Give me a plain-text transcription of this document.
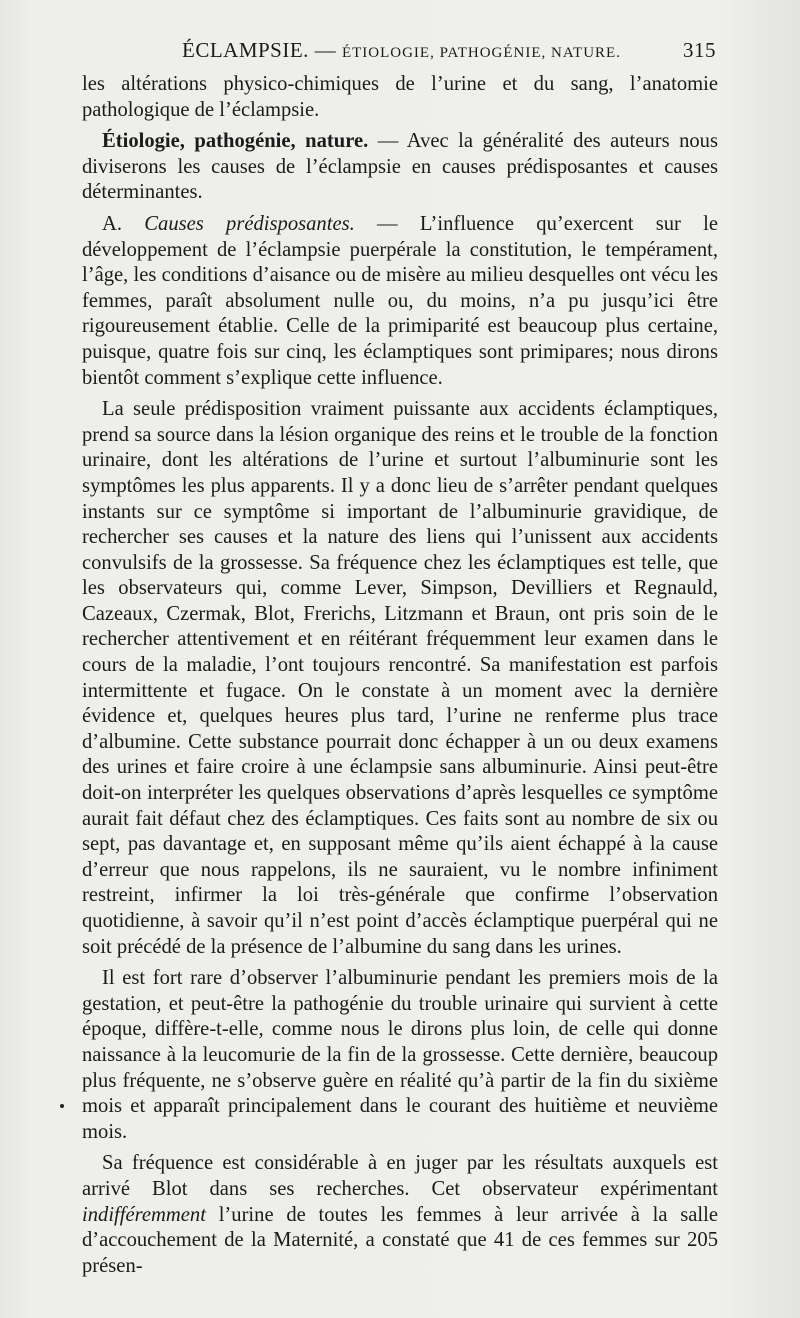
ÉCLAMPSIE. — ÉTIOLOGIE, PATHOGÉNIE, NATURE.	315

les altérations physico-chimiques de l’urine et du sang, l’anatomie pathologique de l’éclampsie.

Étiologie, pathogénie, nature. — Avec la généralité des auteurs nous diviserons les causes de l’éclampsie en causes prédisposantes et causes déterminantes.

A. Causes prédisposantes. — L’influence qu’exercent sur le développement de l’éclampsie puerpérale la constitution, le tempérament, l’âge, les conditions d’aisance ou de misère au milieu desquelles ont vécu les femmes, paraît absolument nulle ou, du moins, n’a pu jusqu’ici être rigoureusement établie. Celle de la primiparité est beaucoup plus certaine, puisque, quatre fois sur cinq, les éclamptiques sont primipares; nous dirons bientôt comment s’explique cette influence.

La seule prédisposition vraiment puissante aux accidents éclamptiques, prend sa source dans la lésion organique des reins et le trouble de la fonction urinaire, dont les altérations de l’urine et surtout l’albuminurie sont les symptômes les plus apparents. Il y a donc lieu de s’arrêter pendant quelques instants sur ce symptôme si important de l’albuminurie gravidique, de rechercher ses causes et la nature des liens qui l’unissent aux accidents convulsifs de la grossesse. Sa fréquence chez les éclamptiques est telle, que les observateurs qui, comme Lever, Simpson, Devilliers et Regnauld, Cazeaux, Czermak, Blot, Frerichs, Litzmann et Braun, ont pris soin de le rechercher attentivement et en réitérant fréquemment leur examen dans le cours de la maladie, l’ont toujours rencontré. Sa manifestation est parfois intermittente et fugace. On le constate à un moment avec la dernière évidence et, quelques heures plus tard, l’urine ne renferme plus trace d’albumine. Cette substance pourrait donc échapper à un ou deux examens des urines et faire croire à une éclampsie sans albuminurie. Ainsi peut-être doit-on interpréter les quelques observations d’après lesquelles ce symptôme aurait fait défaut chez des éclamptiques. Ces faits sont au nombre de six ou sept, pas davantage et, en supposant même qu’ils aient échappé à la cause d’erreur que nous rappelons, ils ne sauraient, vu le nombre infiniment restreint, infirmer la loi très-générale que confirme l’observation quotidienne, à savoir qu’il n’est point d’accès éclamptique puerpéral qui ne soit précédé de la présence de l’albumine du sang dans les urines.

Il est fort rare d’observer l’albuminurie pendant les premiers mois de la gestation, et peut-être la pathogénie du trouble urinaire qui survient à cette époque, diffère-t-elle, comme nous le dirons plus loin, de celle qui donne naissance à la leucomurie de la fin de la grossesse. Cette dernière, beaucoup plus fréquente, ne s’observe guère en réalité qu’à partir de la fin du sixième mois et apparaît principalement dans le courant des huitième et neuvième mois.

Sa fréquence est considérable à en juger par les résultats auxquels est arrivé Blot dans ses recherches. Cet observateur expérimentant indifféremment l’urine de toutes les femmes à leur arrivée à la salle d’accouchement de la Maternité, a constaté que 41 de ces femmes sur 205 présen-
